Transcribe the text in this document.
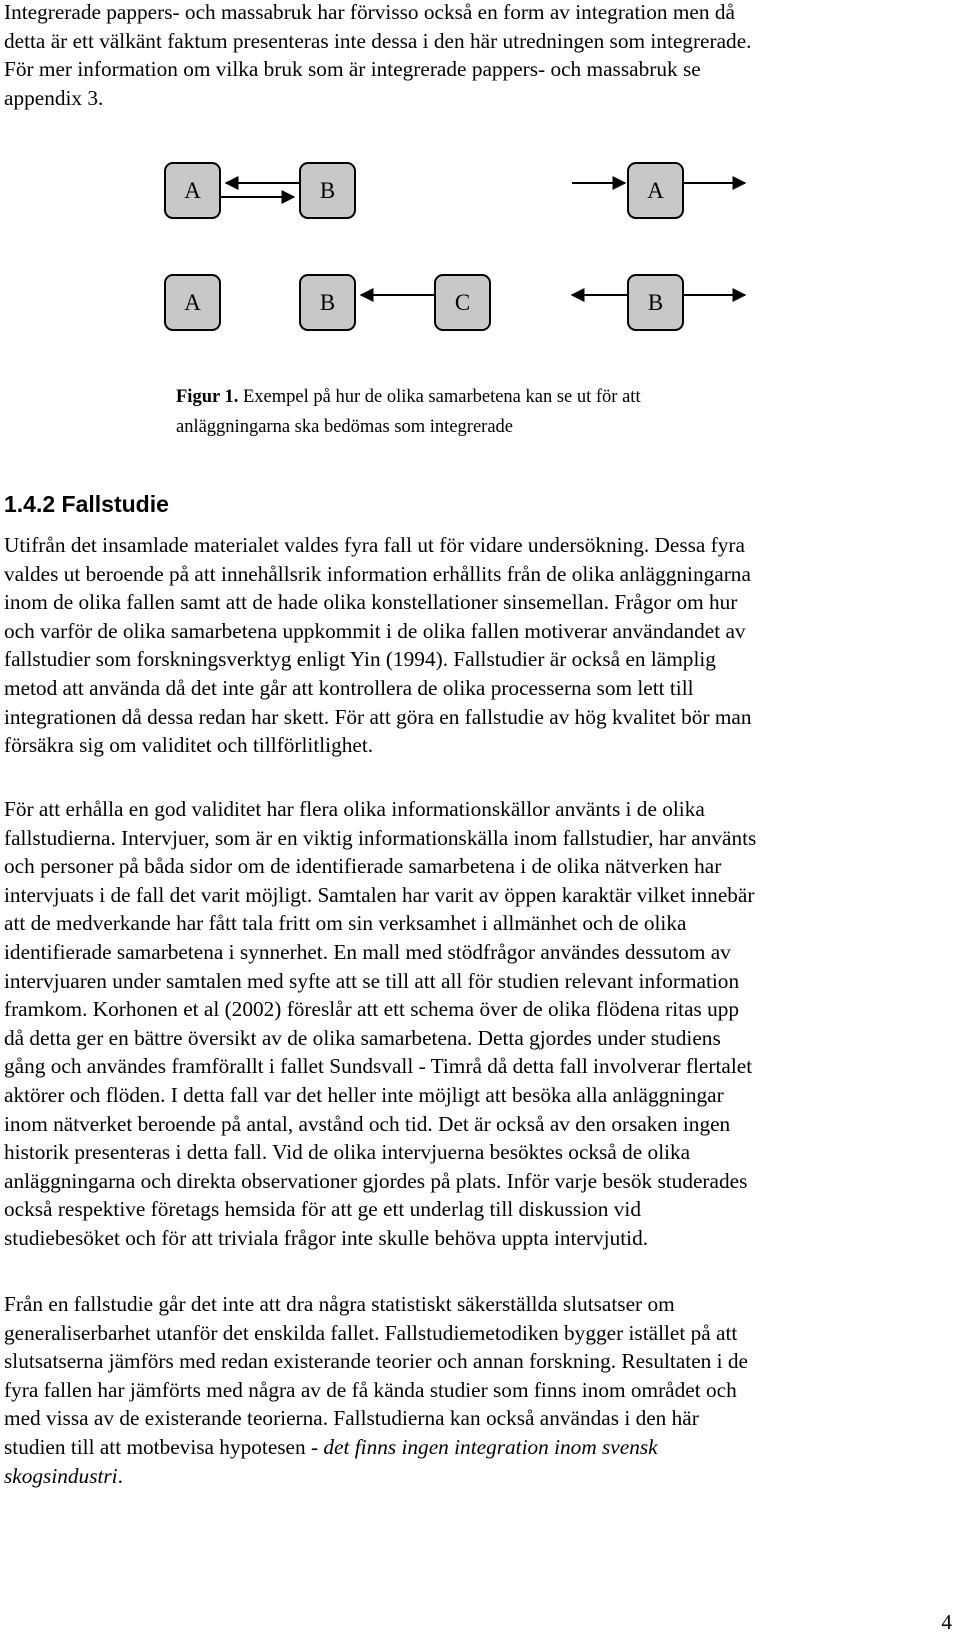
Integrerade pappers- och massabruk har förvisso också en form av integration men då
detta är ett välkänt faktum presenteras inte dessa i den här utredningen som integrerade.
För mer information om vilka bruk som är integrerade pappers- och massabruk se
appendix 3.

A	B	A
A	B	C	B
Figur 1. Exempel på hur de olika samarbetena kan se ut för att
anläggningarna ska bedömas som integrerade
1.4.2 Fallstudie

Utifrån det insamlade materialet valdes fyra fall ut för vidare undersökning. Dessa fyra
valdes ut beroende på att innehållsrik information erhållits från de olika anläggningarna
inom de olika fallen samt att de hade olika konstellationer sinsemellan. Frågor om hur
och varför de olika samarbetena uppkommit i de olika fallen motiverar användandet av
fallstudier som forskningsverktyg enligt Yin (1994). Fallstudier är också en lämplig
metod att använda då det inte går att kontrollera de olika processerna som lett till
integrationen då dessa redan har skett. För att göra en fallstudie av hög kvalitet bör man
försäkra sig om validitet och tillförlitlighet.

För att erhålla en god validitet har flera olika informationskällor använts i de olika
fallstudierna. Intervjuer, som är en viktig informationskälla inom fallstudier, har använts
och personer på båda sidor om de identifierade samarbetena i de olika nätverken har
intervjuats i de fall det varit möjligt. Samtalen har varit av öppen karaktär vilket innebär
att de medverkande har fått tala fritt om sin verksamhet i allmänhet och de olika
identifierade samarbetena i synnerhet. En mall med stödfrågor användes dessutom av
intervjuaren under samtalen med syfte att se till att all för studien relevant information
framkom. Korhonen et al (2002) föreslår att ett schema över de olika flödena ritas upp
då detta ger en bättre översikt av de olika samarbetena. Detta gjordes under studiens
gång och användes framförallt i fallet Sundsvall - Timrå då detta fall involverar flertalet
aktörer och flöden. I detta fall var det heller inte möjligt att besöka alla anläggningar
inom nätverket beroende på antal, avstånd och tid. Det är också av den orsaken ingen
historik presenteras i detta fall. Vid de olika intervjuerna besöktes också de olika
anläggningarna och direkta observationer gjordes på plats. Inför varje besök studerades
också respektive företags hemsida för att ge ett underlag till diskussion vid
studiebesöket och för att triviala frågor inte skulle behöva uppta intervjutid.

Från en fallstudie går det inte att dra några statistiskt säkerställda slutsatser om
generaliserbarhet utanför det enskilda fallet. Fallstudiemetodiken bygger istället på att
slutsatserna jämförs med redan existerande teorier och annan forskning. Resultaten i de
fyra fallen har jämförts med några av de få kända studier som finns inom området och
med vissa av de existerande teorierna. Fallstudierna kan också användas i den här
studien till att motbevisa hypotesen - det finns ingen integration inom svensk
skogsindustri.

4
